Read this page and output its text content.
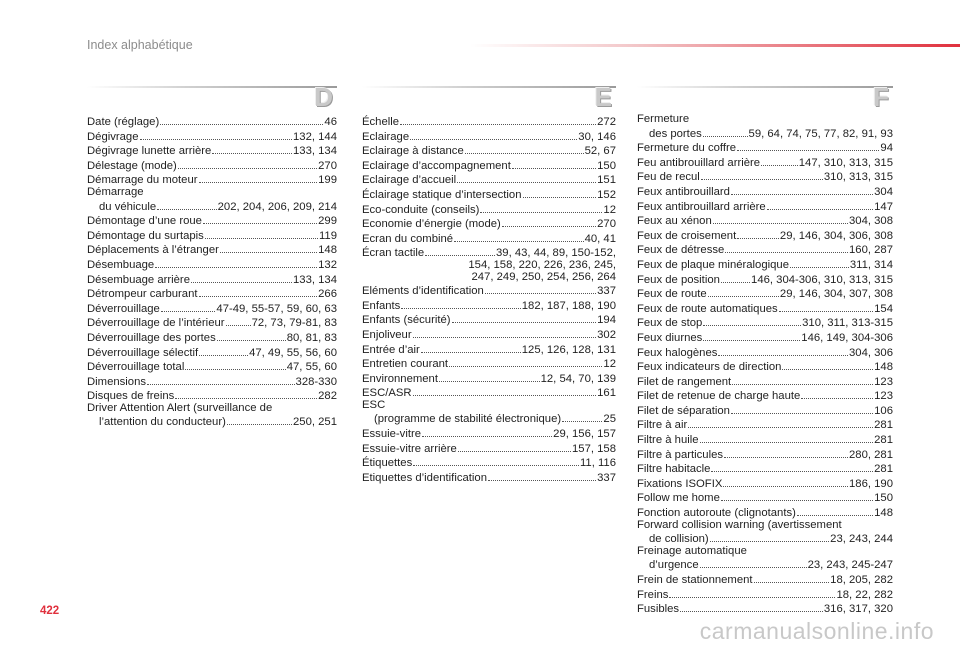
Index alphabétique
D
Date (réglage)	46
Dégivrage	132, 144
Dégivrage lunette arrière	133, 134
Délestage (mode)	270
Démarrage du moteur	199
Démarrage
du véhicule	202, 204, 206, 209, 214
Démontage d’une roue	299
Démontage du surtapis	119
Déplacements à l’étranger	148
Désembuage	132
Désembuage arrière	133, 134
Détrompeur carburant	266
Déverrouillage	47-49, 55-57, 59, 60, 63
Déverrouillage de l’intérieur 72, 73, 79-81, 83
Déverrouillage des portes	80, 81, 83
Déverrouillage sélectif	47, 49, 55, 56, 60
Déverrouillage total	47, 55, 60
Dimensions	328-330
Disques de freins	282
Driver Attention Alert (surveillance de
l’attention du conducteur)	250, 251
E
Échelle	272
Eclairage	30, 146
Eclairage à distance	52, 67
Eclairage d’accompagnement	150
Eclairage d’accueil	151
Éclairage statique d’intersection	152
Eco-conduite (conseils)	12
Economie d’énergie (mode)	270
Ecran du combiné	40, 41
Écran tactile	39, 43, 44, 89, 150-152,
154, 158, 220, 226, 236, 245,
247, 249, 250, 254, 256, 264
Eléments d’identification	337
Enfants	182, 187, 188, 190
Enfants (sécurité)	194
Enjoliveur	302
Entrée d’air	125, 126, 128, 131
Entretien courant	12
Environnement	12, 54, 70, 139
ESC/ASR	161
ESC
(programme de stabilité électronique)	25
Essuie-vitre	29, 156, 157
Essuie-vitre arrière	157, 158
Étiquettes	11, 116
Etiquettes d’identification	337
F
Fermeture
des portes	59, 64, 74, 75, 77, 82, 91, 93
Fermeture du coffre	94
Feu antibrouillard arrière	147, 310, 313, 315
Feu de recul	310, 313, 315
Feux antibrouillard	304
Feux antibrouillard arrière	147
Feux au xénon	304, 308
Feux de croisement	29, 146, 304, 306, 308
Feux de détresse	160, 287
Feux de plaque minéralogique	311, 314
Feux de position	146, 304-306, 310, 313, 315
Feux de route	29, 146, 304, 307, 308
Feux de route automatiques	154
Feux de stop	310, 311, 313-315
Feux diurnes	146, 149, 304-306
Feux halogènes	304, 306
Feux indicateurs de direction	148
Filet de rangement	123
Filet de retenue de charge haute	123
Filet de séparation	106
Filtre à air	281
Filtre à huile	281
Filtre à particules	280, 281
Filtre habitacle	281
Fixations ISOFIX	186, 190
Follow me home	150
Fonction autoroute (clignotants)	148
Forward collision warning (avertissement
de collision)	23, 243, 244
Freinage automatique
d’urgence	23, 243, 245-247
Frein de stationnement	18, 205, 282
Freins	18, 22, 282
Fusibles	316, 317, 320
422
carmanualsonline.info
